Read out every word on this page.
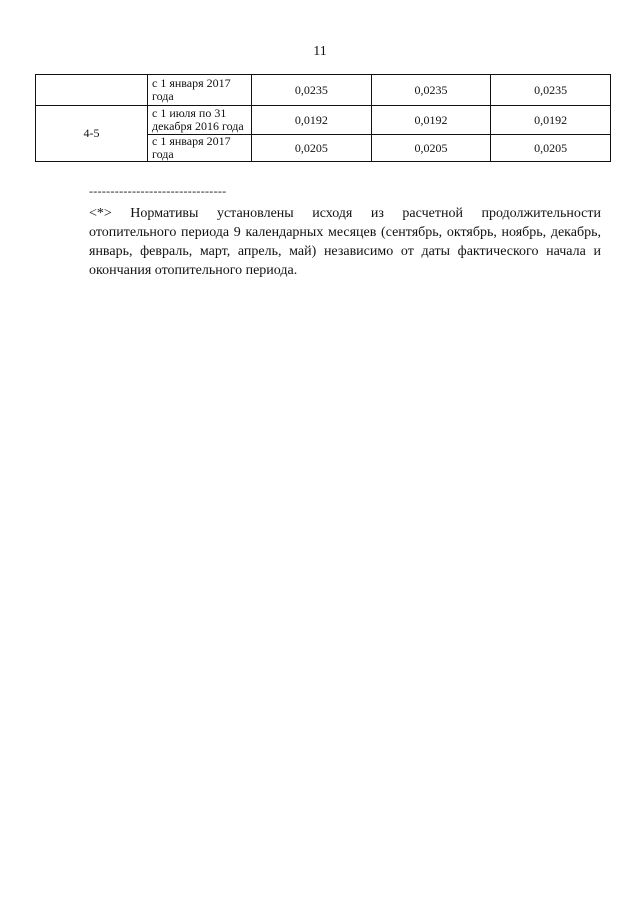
11
	с 1 января 2017 года	0,0235	0,0235	0,0235
4-5	с 1 июля по 31 декабря 2016 года	0,0192	0,0192	0,0192
	с 1 января 2017 года	0,0205	0,0205	0,0205
--------------------------------
<*> Нормативы установлены исходя из расчетной продолжительности отопительного периода 9 календарных месяцев (сентябрь, октябрь, ноябрь, декабрь, январь, февраль, март, апрель, май) независимо от даты фактического начала и окончания отопительного периода.
